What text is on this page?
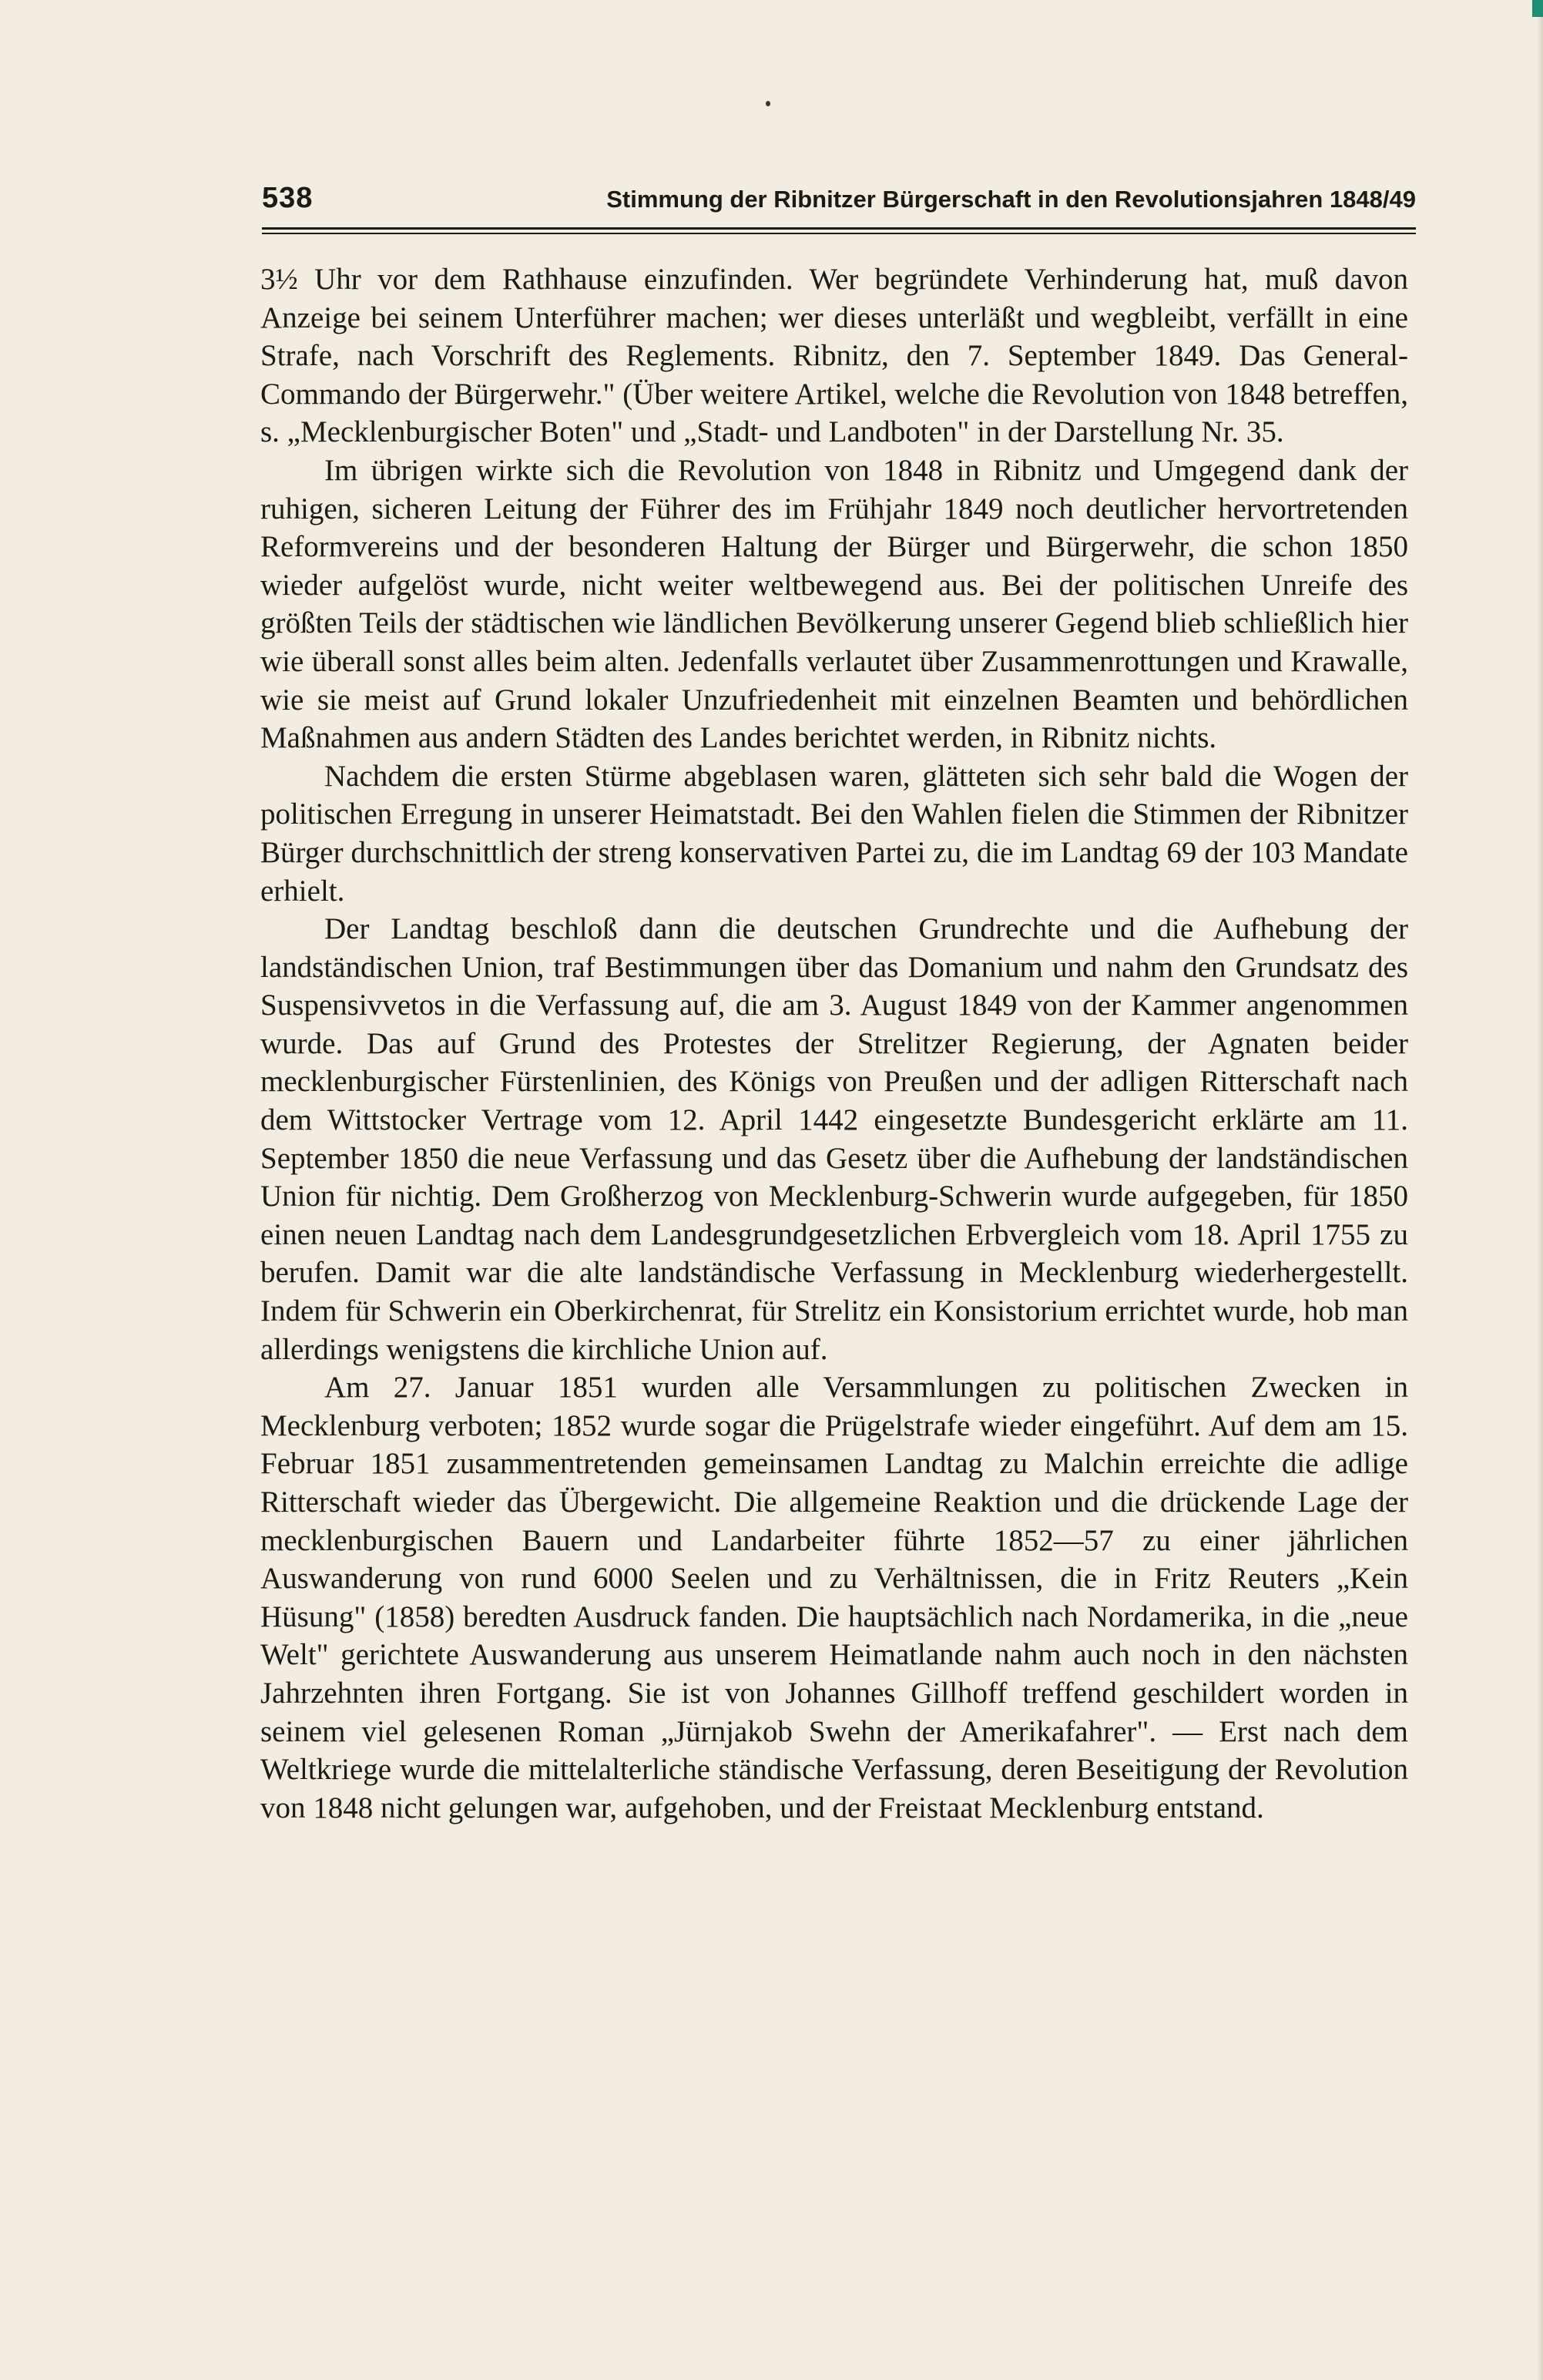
538	Stimmung der Ribnitzer Bürgerschaft in den Revolutionsjahren 1848/49

3½ Uhr vor dem Rathhause einzufinden. Wer begründete Verhinderung hat, muß davon Anzeige bei seinem Unterführer machen; wer dieses unterläßt und wegbleibt, verfällt in eine Strafe, nach Vorschrift des Reglements. Ribnitz, den 7. September 1849. Das General-Commando der Bürgerwehr." (Über weitere Artikel, welche die Revolution von 1848 betreffen, s. „Mecklenburgischer Boten" und „Stadt- und Landboten" in der Darstellung Nr. 35.

Im übrigen wirkte sich die Revolution von 1848 in Ribnitz und Umgegend dank der ruhigen, sicheren Leitung der Führer des im Frühjahr 1849 noch deutlicher hervortretenden Reformvereins und der besonderen Haltung der Bürger und Bürgerwehr, die schon 1850 wieder aufgelöst wurde, nicht weiter weltbewegend aus. Bei der politischen Unreife des größten Teils der städtischen wie ländlichen Bevölkerung unserer Gegend blieb schließlich hier wie überall sonst alles beim alten. Jedenfalls verlautet über Zusammenrottungen und Krawalle, wie sie meist auf Grund lokaler Unzufriedenheit mit einzelnen Beamten und behördlichen Maßnahmen aus andern Städten des Landes berichtet werden, in Ribnitz nichts.

Nachdem die ersten Stürme abgeblasen waren, glätteten sich sehr bald die Wogen der politischen Erregung in unserer Heimatstadt. Bei den Wahlen fielen die Stimmen der Ribnitzer Bürger durchschnittlich der streng konservativen Partei zu, die im Landtag 69 der 103 Mandate erhielt.

Der Landtag beschloß dann die deutschen Grundrechte und die Aufhebung der landständischen Union, traf Bestimmungen über das Domanium und nahm den Grundsatz des Suspensivvetos in die Verfassung auf, die am 3. August 1849 von der Kammer angenommen wurde. Das auf Grund des Protestes der Strelitzer Regierung, der Agnaten beider mecklenburgischer Fürstenlinien, des Königs von Preußen und der adligen Ritterschaft nach dem Wittstocker Vertrage vom 12. April 1442 eingesetzte Bundesgericht erklärte am 11. September 1850 die neue Verfassung und das Gesetz über die Aufhebung der landständischen Union für nichtig. Dem Großherzog von Mecklenburg-Schwerin wurde aufgegeben, für 1850 einen neuen Landtag nach dem Landesgrundgesetzlichen Erbvergleich vom 18. April 1755 zu berufen. Damit war die alte landständische Verfassung in Mecklenburg wiederhergestellt. Indem für Schwerin ein Oberkirchenrat, für Strelitz ein Konsistorium errichtet wurde, hob man allerdings wenigstens die kirchliche Union auf.

Am 27. Januar 1851 wurden alle Versammlungen zu politischen Zwecken in Mecklenburg verboten; 1852 wurde sogar die Prügelstrafe wieder eingeführt. Auf dem am 15. Februar 1851 zusammentretenden gemeinsamen Landtag zu Malchin erreichte die adlige Ritterschaft wieder das Übergewicht. Die allgemeine Reaktion und die drückende Lage der mecklenburgischen Bauern und Landarbeiter führte 1852—57 zu einer jährlichen Auswanderung von rund 6000 Seelen und zu Verhältnissen, die in Fritz Reuters „Kein Hüsung" (1858) beredten Ausdruck fanden. Die hauptsächlich nach Nordamerika, in die „neue Welt" gerichtete Auswanderung aus unserem Heimatlande nahm auch noch in den nächsten Jahrzehnten ihren Fortgang. Sie ist von Johannes Gillhoff treffend geschildert worden in seinem viel gelesenen Roman „Jürnjakob Swehn der Amerikafahrer". — Erst nach dem Weltkriege wurde die mittelalterliche ständische Verfassung, deren Beseitigung der Revolution von 1848 nicht gelungen war, aufgehoben, und der Freistaat Mecklenburg entstand.
